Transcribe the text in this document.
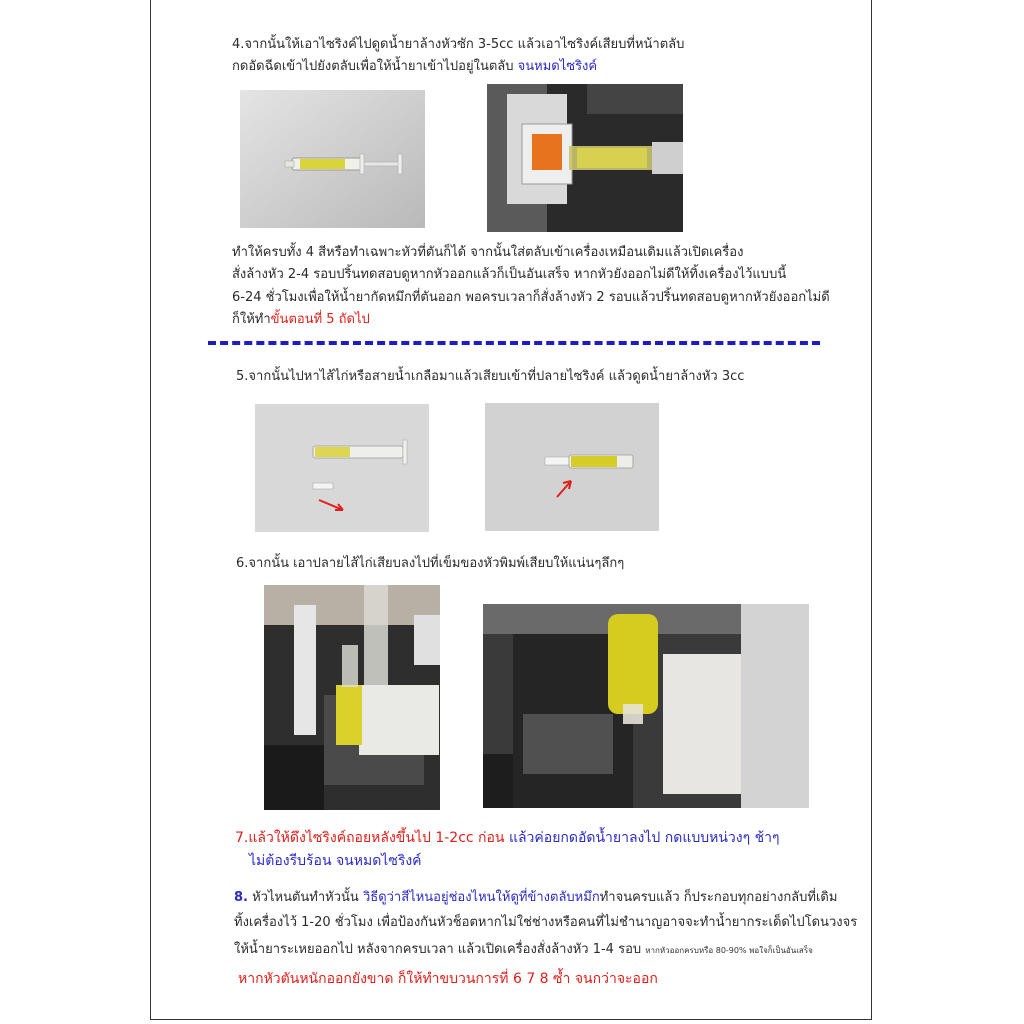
4.จากนั้นให้เอาไซริงค์ไปดูดน้ำยาล้างหัวซัก 3-5cc แล้วเอาไซริงค์เสียบที่หน้าตลับ
กดอัดฉีดเข้าไปยังตลับเพื่อให้น้ำยาเข้าไปอยู่ในตลับ จนหมดไซริงค์
ทำให้ครบทั้ง 4 สีหรือทำเฉพาะหัวที่ตันก็ได้ จากนั้นใส่ตลับเข้าเครื่องเหมือนเดิมแล้วเปิดเครื่อง
สั่งล้างหัว 2-4 รอบปริ้นทดสอบดูหากหัวออกแล้วก็เป็นอันเสร็จ หากหัวยังออกไม่ดีให้ทิ้งเครื่องไว้แบบนี้
6-24 ชั่วโมงเพื่อให้น้ำยากัดหมึกที่ตันออก พอครบเวลาก็สั่งล้างหัว 2 รอบแล้วปริ้นทดสอบดูหากหัวยังออกไม่ดี
ก็ให้ทำขั้นตอนที่ 5 ถัดไป
5.จากนั้นไปหาไส้ไก่หรือสายน้ำเกลือมาแล้วเสียบเข้าที่ปลายไซริงค์ แล้วดูดน้ำยาล้างหัว 3cc
6.จากนั้น เอาปลายไส้ไก่เสียบลงไปที่เข็มของหัวพิมพ์เสียบให้แน่นๆลึกๆ
7.แล้วให้ดึงไซริงค์ถอยหลังขึ้นไป 1-2cc ก่อน แล้วค่อยกดอัดน้ำยาลงไป กดแบบหน่วงๆ ช้าๆ
ไม่ต้องรีบร้อน จนหมดไซริงค์
8. หัวไหนตันทำหัวนั้น วิธีดูว่าสีไหนอยู่ช่องไหนให้ดูที่ข้างตลับหมึกทำจนครบแล้ว ก็ประกอบทุกอย่างกลับที่เดิม
ทิ้งเครื่องไว้ 1-20 ชั่วโมง เพื่อป้องกันหัวช็อตหากไม่ใช่ช่างหรือคนที่ไม่ชำนาญอาจจะทำน้ำยากระเด็ดไปโดนวงจร
ให้น้ำยาระเหยออกไป หลังจากครบเวลา แล้วเปิดเครื่องสั่งล้างหัว 1-4 รอบ หากหัวออกครบหรือ 80-90% พอใจก็เป็นอันเสร็จ
หากหัวตันหนักออกยังขาด ก็ให้ทำขบวนการที่ 6 7 8 ซ้ำ จนกว่าจะออก
